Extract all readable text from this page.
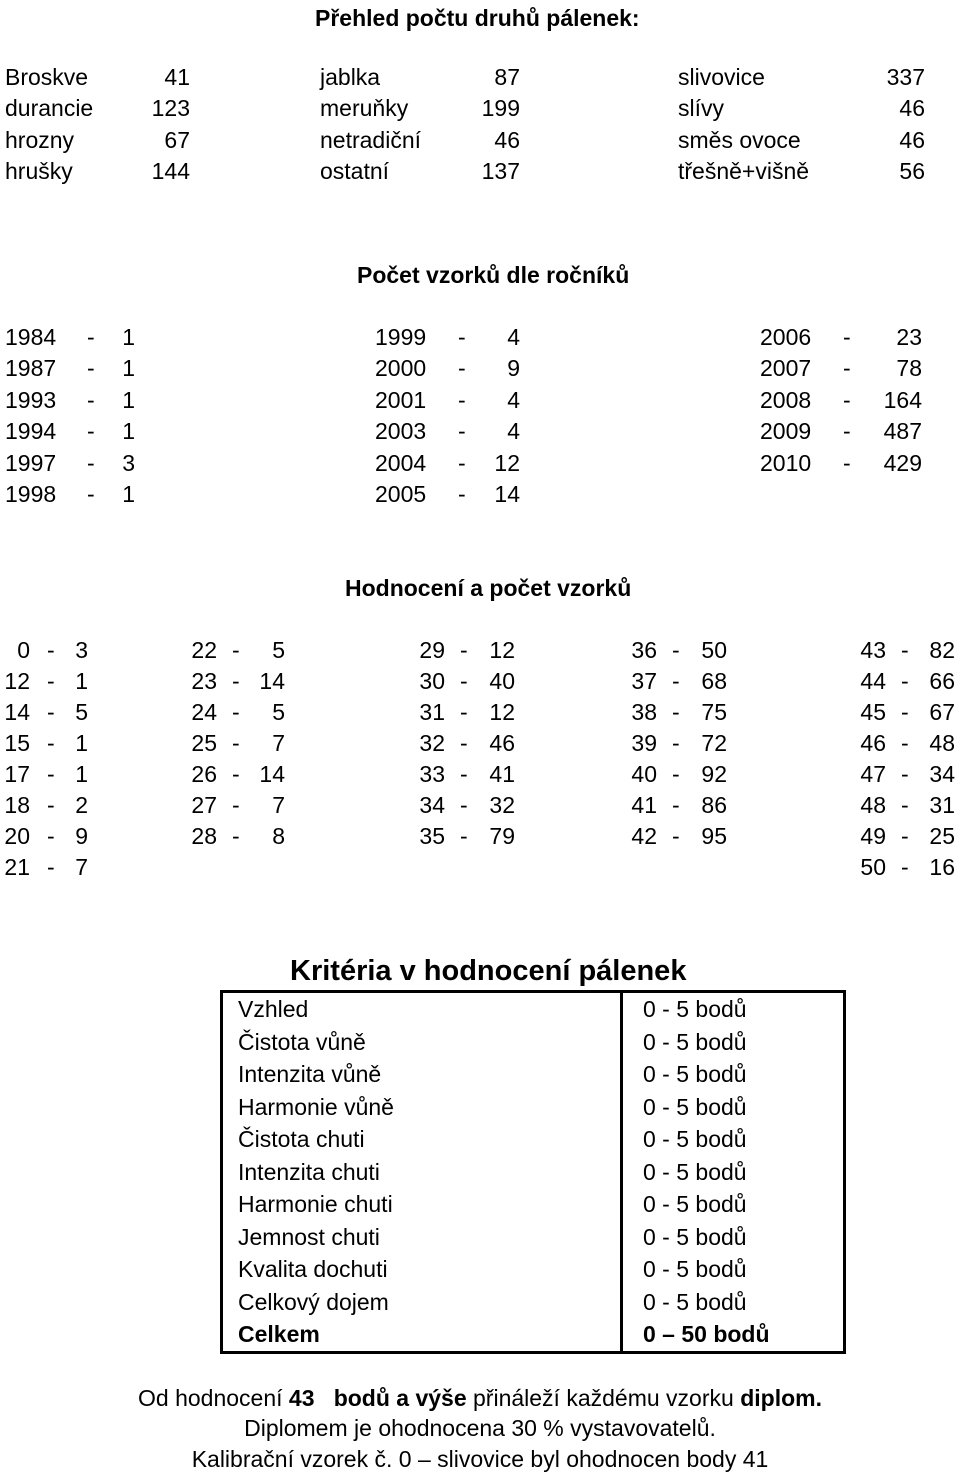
Přehled počtu druhů pálenek:
Broskve	41
durancie	123
hrozny	67
hrušky	144
jablka	87
meruňky	199
netradiční	46
ostatní	137
slivovice	337
slívy	46
směs ovoce	46
třešně+višně	56
Počet vzorků dle ročníků
1984 -	1
1987 -	1
1993 -	1
1994 -	1
1997 -	3
1998 -	1
1999 -	4
2000 -	9
2001 -	4
2003 -	4
2004 -	12
2005 -	14
2006 -	23
2007 -	78
2008 -	164
2009 -	487
2010 -	429
Hodnocení a počet vzorků
0 - 3
12 - 1
14 - 5
15 - 1
17 - 1
18 - 2
20 - 9
21 - 7
22 -	5
23 - 14
24 -	5
25 -	7
26 - 14
27 -	7
28 -	8
29 - 12
30 - 40
31 - 12
32 - 46
33 - 41
34 - 32
35 - 79
36 - 50
37 - 68
38 - 75
39 - 72
40 - 92
41 - 86
42 - 95
43 - 82
44 - 66
45 - 67
46 - 48
47 - 34
48 - 31
49 - 25
50 - 16
Kritéria v hodnocení pálenek
Vzhled	0 - 5 bodů
Čistota vůně	0 - 5 bodů
Intenzita vůně	0 - 5 bodů
Harmonie vůně	0 - 5 bodů
Čistota chuti	0 - 5 bodů
Intenzita chuti	0 - 5 bodů
Harmonie chuti	0 - 5 bodů
Jemnost chuti	0 - 5 bodů
Kvalita dochuti	0 - 5 bodů
Celkový dojem	0 - 5 bodů
Celkem	0 – 50 bodů
Od hodnocení 43 bodů a výše přináleží každému vzorku diplom.
Diplomem je ohodnocena 30 % vystavovatelů.
Kalibrační vzorek č. 0 – slivovice byl ohodnocen body 41
